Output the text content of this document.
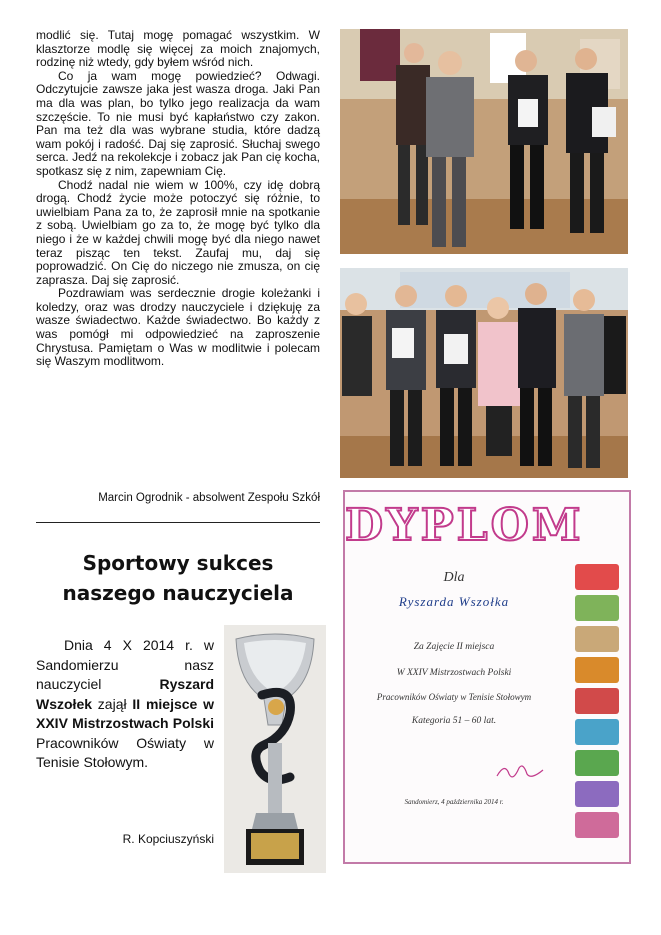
modlić się. Tutaj mogę pomagać wszystkim. W klasztorze modlę się więcej za moich znajomych, rodzinę niż wtedy, gdy byłem wśród nich.

Co ja wam mogę powiedzieć? Odwagi. Odczytujcie zawsze jaka jest wasza droga. Jaki Pan ma dla was plan, bo tylko jego realizacja da wam szczęście. To nie musi być kapłaństwo czy zakon. Pan ma też dla was wybrane studia, które dadzą wam pokój i radość. Daj się zaprosić. Słuchaj swego serca. Jedź na rekolekcje i zobacz jak Pan cię kocha, spotkasz się z nim, zapewniam Cię.

Chodź nadal nie wiem w 100%, czy idę dobrą drogą. Chodź życie może potoczyć się różnie, to uwielbiam Pana za to, że zaprosił mnie na spotkanie z sobą. Uwielbiam go za to, że mogę być tylko dla niego i że w każdej chwili mogę być dla niego nawet teraz pisząc ten tekst. Zaufaj mu, daj się poprowadzić. On Cię do niczego nie zmusza, on cię zaprasza. Daj się zaprosić.

Pozdrawiam was serdecznie drogie koleżanki i koledzy, oraz was drodzy nauczyciele i dziękuję za wasze świadectwo. Każde świadectwo. Bo każdy z was pomógł mi odpowiedzieć na zaproszenie Chrystusa. Pamiętam o Was w modlitwie i polecam się Waszym modlitwom.

Marcin Ogrodnik - absolwent Zespołu Szkół
Sportowy sukces naszego nauczyciela
Dnia 4 X 2014 r. w Sandomierzu nasz nauczyciel Ryszard Wszołek zajął II miejsce w XXIV Mistrzostwach Polski Pracowników Oświaty w Tenisie Stołowym.
R. Kopciuszyński
DYPLOM
Dla
Ryszarda Wszołka
Za Zajęcie II miejsca
W XXIV Mistrzostwach Polski
Pracowników Oświaty w Tenisie Stołowym
Kategoria 51 – 60 lat.
Sandomierz, 4 października 2014 r.
